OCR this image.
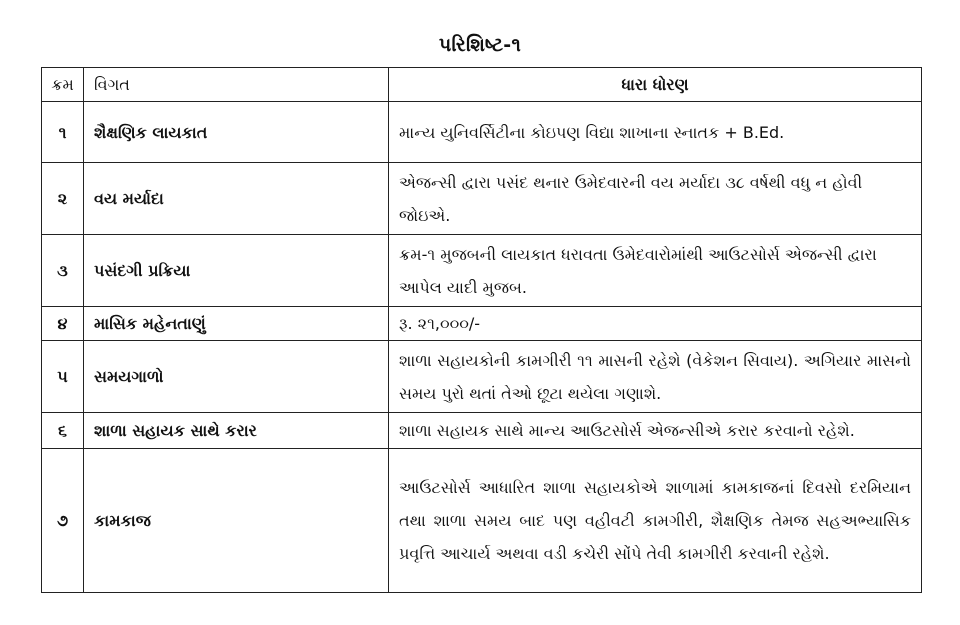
પરિશિષ્ટ-૧
ક્રમ	વિગત	ધારા ધોરણ
૧	શૈક્ષણિક લાયકાત	માન્ય યુનિવર્સિટીના કોઇપણ વિદ્યા શાખાના સ્નાતક + B.Ed.
૨	વય મર્યાદા	એજન્સી દ્વારા પસંદ થનાર ઉમેદવારની વય મર્યાદા ૩૮ વર્ષથી વધુ ન હોવી જોઇએ.
૩	પસંદગી પ્રક્રિયા	ક્રમ-૧ મુજબની લાયકાત ધરાવતા ઉમેદવારોમાંથી આઉટસોર્સ એજન્સી દ્વારા આપેલ યાદી મુજબ.
૪	માસિક મહેનતાણું	રૂ. ૨૧,૦૦૦/-
૫	સમયગાળો	શાળા સહાયકોની કામગીરી ૧૧ માસની રહેશે (વેકેશન સિવાય). અગિયાર માસનો સમય પુરો થતાં તેઓ છૂટા થયેલા ગણાશે.
૬	શાળા સહાયક સાથે કરાર	શાળા સહાયક સાથે માન્ય આઉટસોર્સ એજન્સીએ કરાર કરવાનો રહેશે.
૭	કામકાજ	આઉટસોર્સ આધારિત શાળા સહાયકોએ શાળામાં કામકાજનાં દિવસો દરમિયાન તથા શાળા સમય બાદ પણ વહીવટી કામગીરી, શૈક્ષણિક તેમજ સહઅભ્યાસિક પ્રવૃત્તિ આચાર્ય અથવા વડી કચેરી સોંપે તેવી કામગીરી કરવાની રહેશે.
